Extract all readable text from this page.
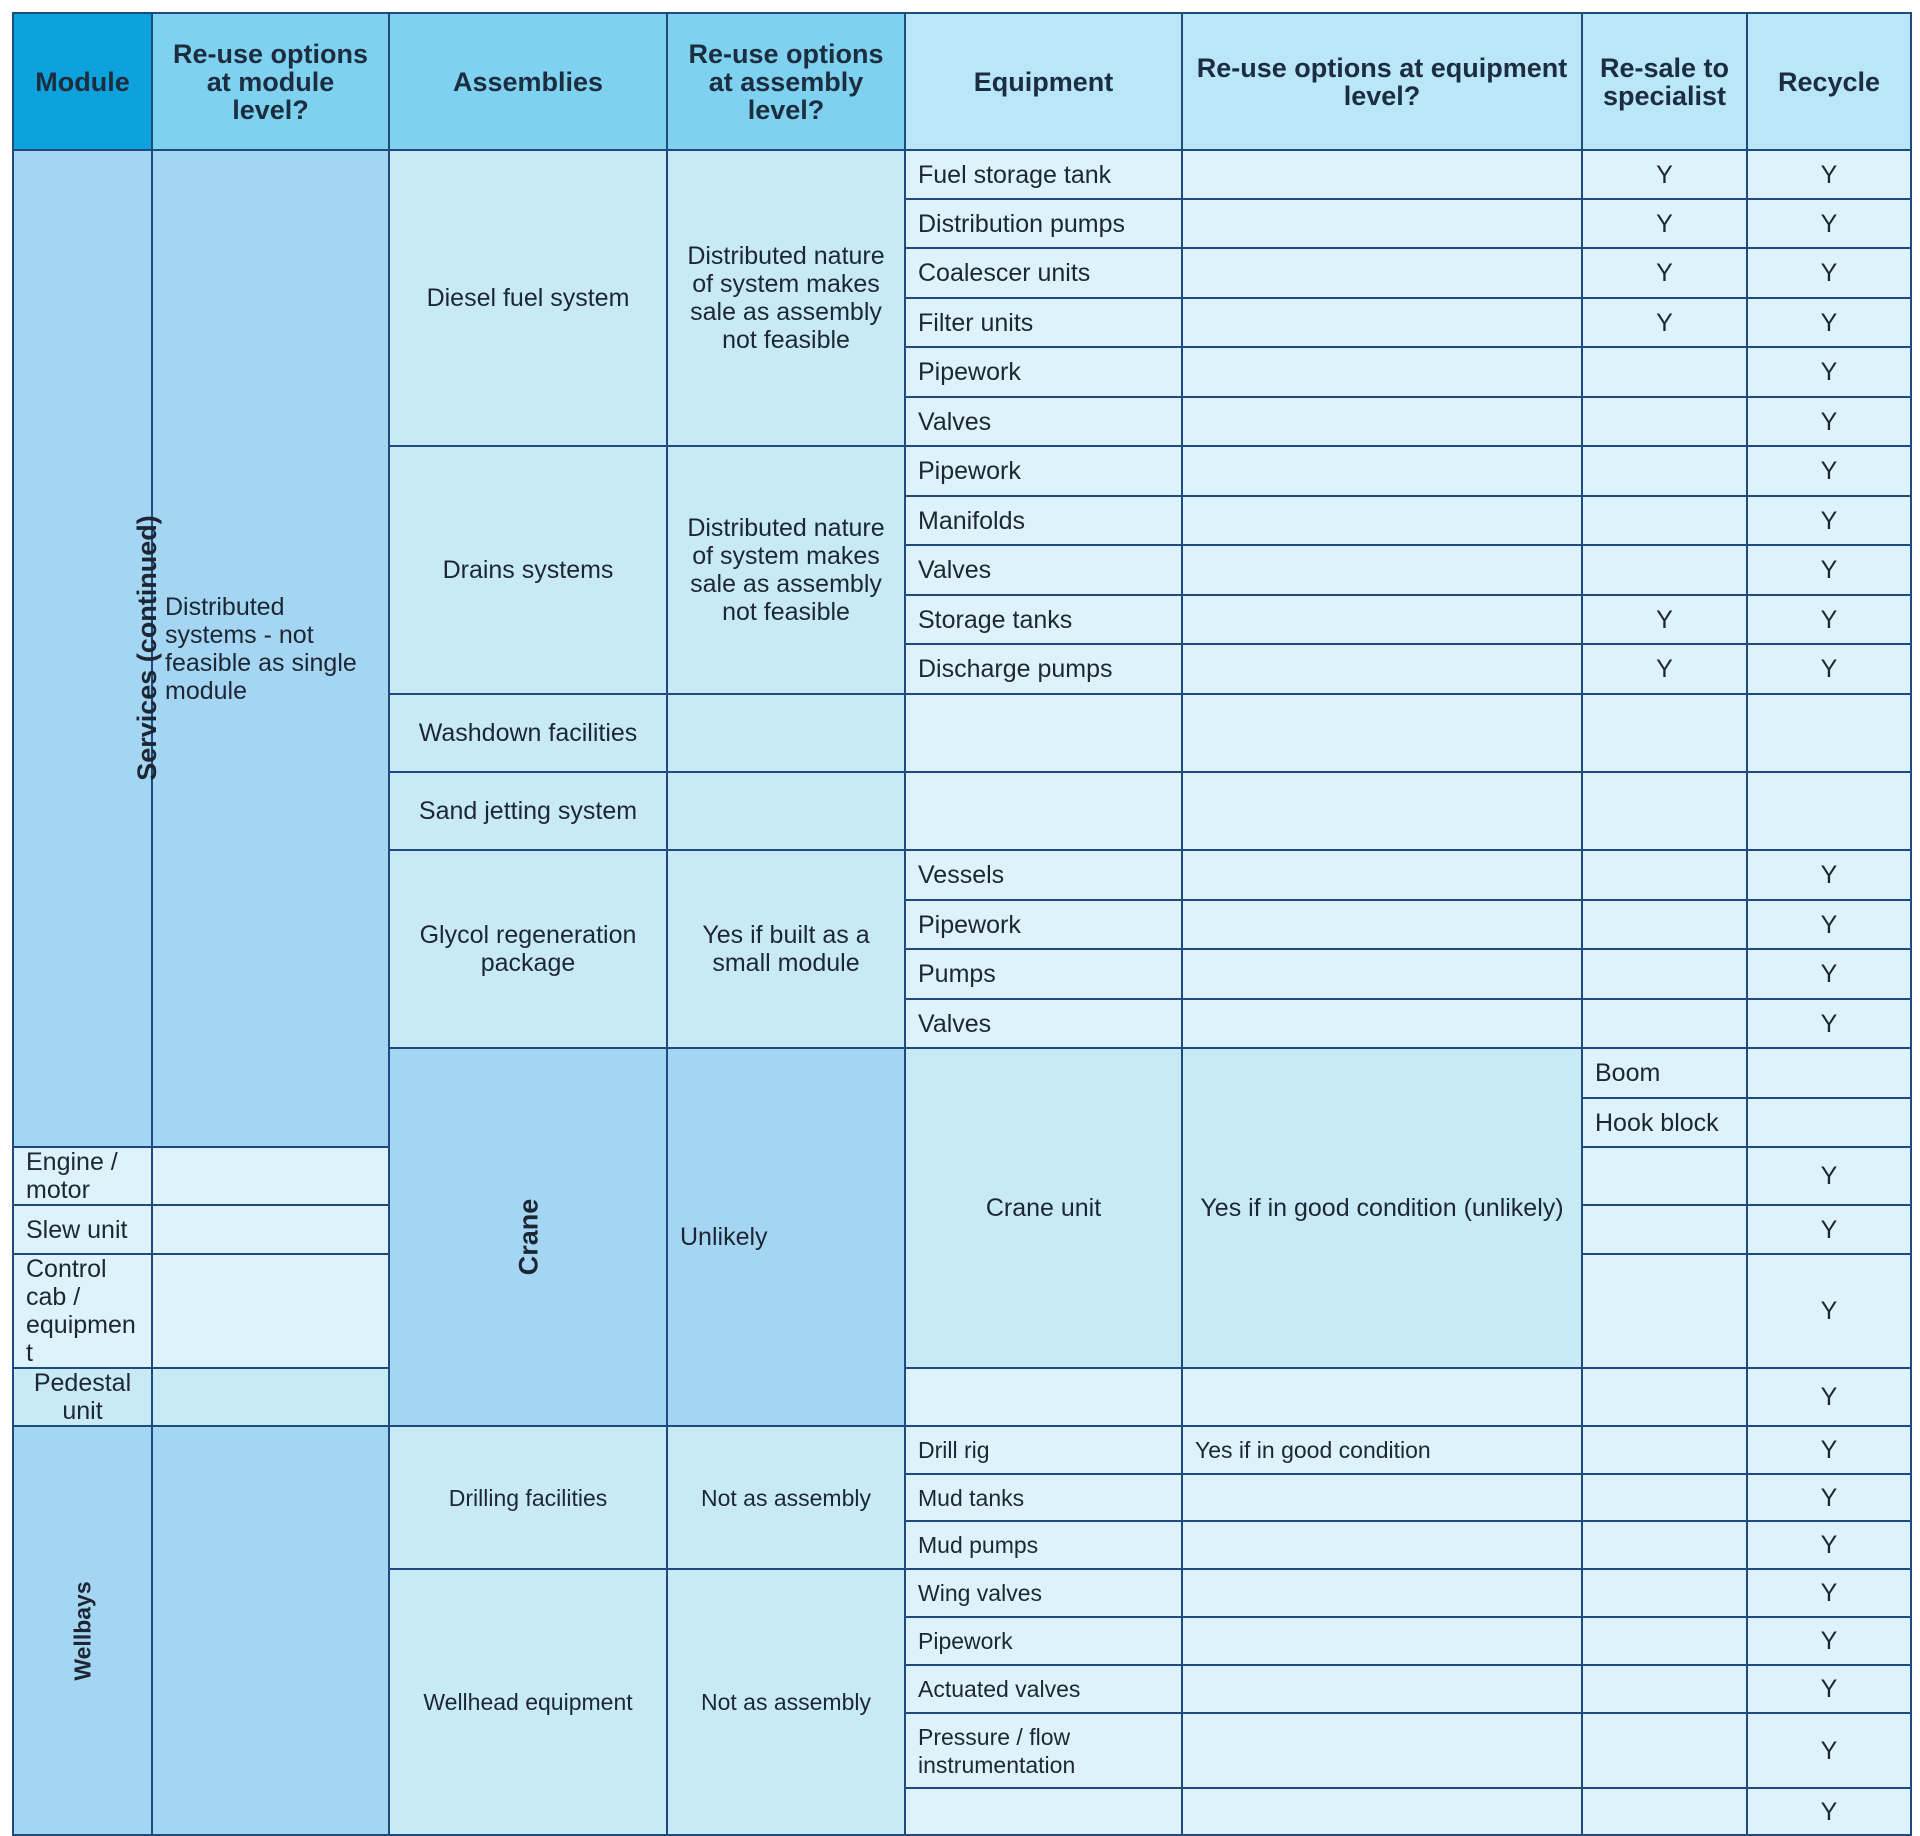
Module	Re-use options at module level?	Assemblies	Re-use options at assembly level?	Equipment	Re-use options at equipment level?	Re-sale to specialist	Recycle	
Services (continued)	Distributed systems - not feasible as single module	Diesel fuel system	Distributed nature of system makes sale as assembly not feasible	Fuel storage tank		Y	Y	
				Distribution pumps		Y	Y	
				Coalescer units		Y	Y	
				Filter units		Y	Y	
				Pipework			Y	
				Valves			Y	
		Drains systems	Distributed nature of system makes sale as assembly not feasible	Pipework			Y	
				Manifolds			Y	
				Valves			Y	
				Storage tanks		Y	Y	
				Discharge pumps		Y	Y	
		Washdown facilities						
		Sand jetting system						
		Glycol regeneration package	Yes if built as a small module	Vessels			Y	
				Pipework			Y	
				Pumps			Y	
				Valves			Y	
		Crane	Unlikely	Crane unit	Yes if in good condition (unlikely)	Boom			
						Hook block			
Engine / motor							Y	
Slew unit							Y	
Control cab / equipment							Y	
Pedestal unit							Y	
Wellbays		Drilling facilities	Not as assembly	Drill rig	Yes if in good condition		Y	
				Mud tanks			Y	
				Mud pumps			Y	
		Wellhead equipment	Not as assembly	Wing valves			Y	
				Pipework			Y	
				Actuated valves			Y	
				Pressure / flow instrumentation			Y	
							Y	
